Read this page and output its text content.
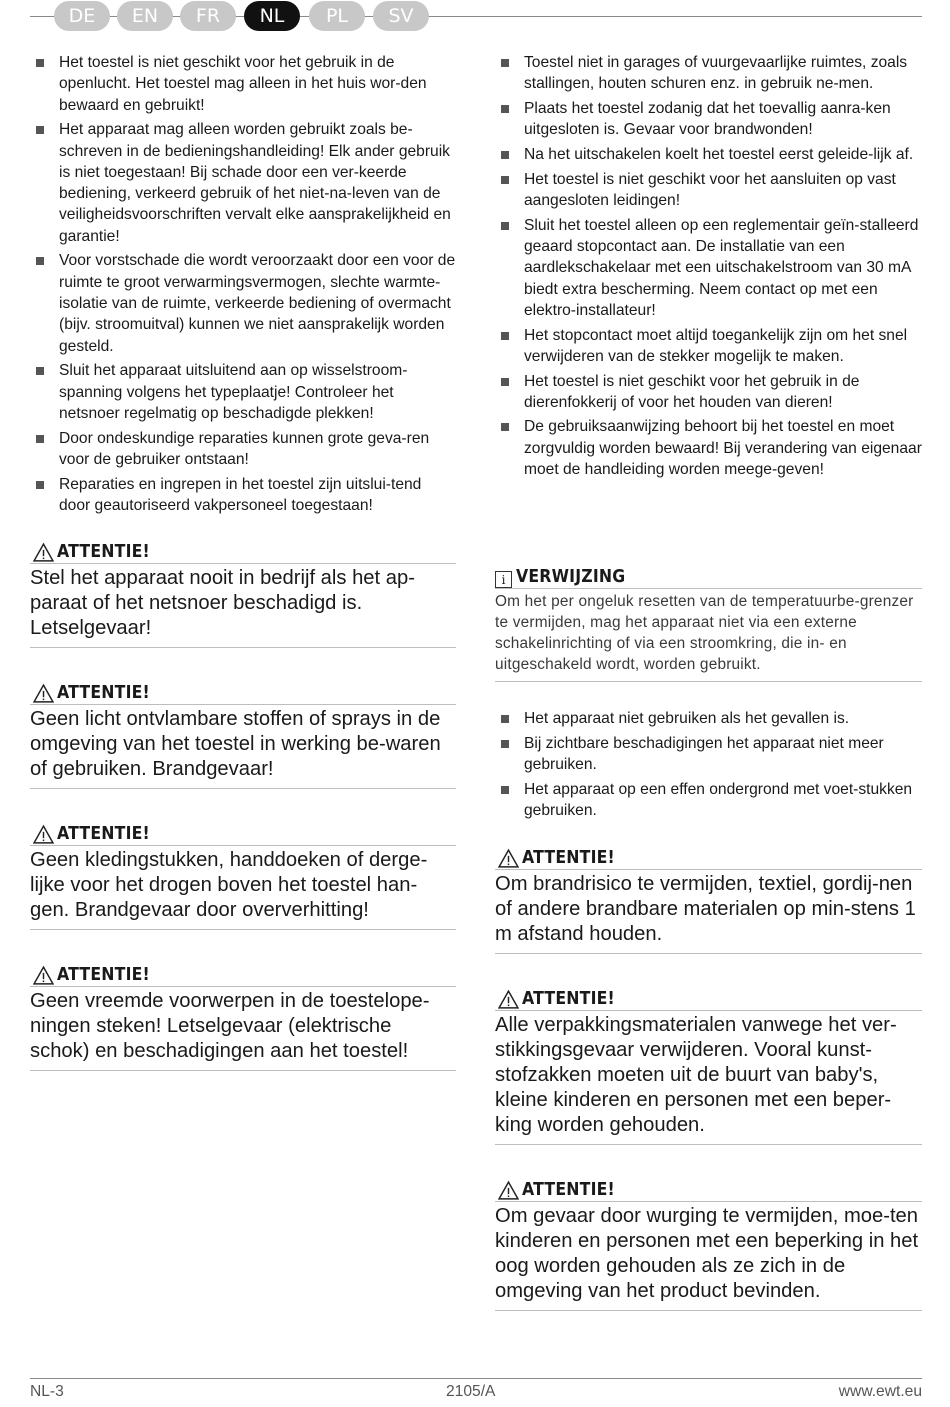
DE	EN	FR	NL	PL	SV
Het toestel is niet geschikt voor het gebruik in de openlucht. Het toestel mag alleen in het huis wor-den bewaard en gebruikt!
Het apparaat mag alleen worden gebruikt zoals be-schreven in de bedieningshandleiding! Elk ander gebruik is niet toegestaan! Bij schade door een ver-keerde bediening, verkeerd gebruik of het niet-na-leven van de veiligheidsvoorschriften vervalt elke aansprakelijkheid en garantie!
Voor vorstschade die wordt veroorzaakt door een voor de ruimte te groot verwarmingsvermogen, slechte warmte-isolatie van de ruimte, verkeerde bediening of overmacht (bijv. stroomuitval) kunnen we niet aansprakelijk worden gesteld.
Sluit het apparaat uitsluitend aan op wisselstroom-spanning volgens het typeplaatje! Controleer het netsnoer regelmatig op beschadigde plekken!
Door ondeskundige reparaties kunnen grote geva-ren voor de gebruiker ontstaan!
Reparaties en ingrepen in het toestel zijn uitslui-tend door geautoriseerd vakpersoneel toegestaan!
ATTENTIE!
Stel het apparaat nooit in bedrijf als het ap-paraat of het netsnoer beschadigd is. Letselgevaar!
ATTENTIE!
Geen licht ontvlambare stoffen of sprays in de omgeving van het toestel in werking be-waren of gebruiken. Brandgevaar!
ATTENTIE!
Geen kledingstukken, handdoeken of derge-lijke voor het drogen boven het toestel han-gen. Brandgevaar door oververhitting!
ATTENTIE!
Geen vreemde voorwerpen in de toestelope-ningen steken! Letselgevaar (elektrische schok) en beschadigingen aan het toestel!
Toestel niet in garages of vuurgevaarlijke ruimtes, zoals stallingen, houten schuren enz. in gebruik ne-men.
Plaats het toestel zodanig dat het toevallig aanra-ken uitgesloten is. Gevaar voor brandwonden!
Na het uitschakelen koelt het toestel eerst geleide-lijk af.
Het toestel is niet geschikt voor het aansluiten op vast aangesloten leidingen!
Sluit het toestel alleen op een reglementair geïn-stalleerd geaard stopcontact aan. De installatie van een aardlekschakelaar met een uitschakelstroom van 30 mA biedt extra bescherming. Neem contact op met een elektro-installateur!
Het stopcontact moet altijd toegankelijk zijn om het snel verwijderen van de stekker mogelijk te maken.
Het toestel is niet geschikt voor het gebruik in de dierenfokkerij of voor het houden van dieren!
De gebruiksaanwijzing behoort bij het toestel en moet zorgvuldig worden bewaard! Bij verandering van eigenaar moet de handleiding worden meege-geven!
i VERWIJZING
Om het per ongeluk resetten van de temperatuurbe-grenzer te vermijden, mag het apparaat niet via een externe schakelinrichting of via een stroomkring, die in- en uitgeschakeld wordt, worden gebruikt.
Het apparaat niet gebruiken als het gevallen is.
Bij zichtbare beschadigingen het apparaat niet meer gebruiken.
Het apparaat op een effen ondergrond met voet-stukken gebruiken.
ATTENTIE!
Om brandrisico te vermijden, textiel, gordij-nen of andere brandbare materialen op min-stens 1 m afstand houden.
ATTENTIE!
Alle verpakkingsmaterialen vanwege het ver-stikkingsgevaar verwijderen. Vooral kunst-stofzakken moeten uit de buurt van baby's, kleine kinderen en personen met een beper-king worden gehouden.
ATTENTIE!
Om gevaar door wurging te vermijden, moe-ten kinderen en personen met een beperking in het oog worden gehouden als ze zich in de omgeving van het product bevinden.
NL-3	2105/A	www.ewt.eu
